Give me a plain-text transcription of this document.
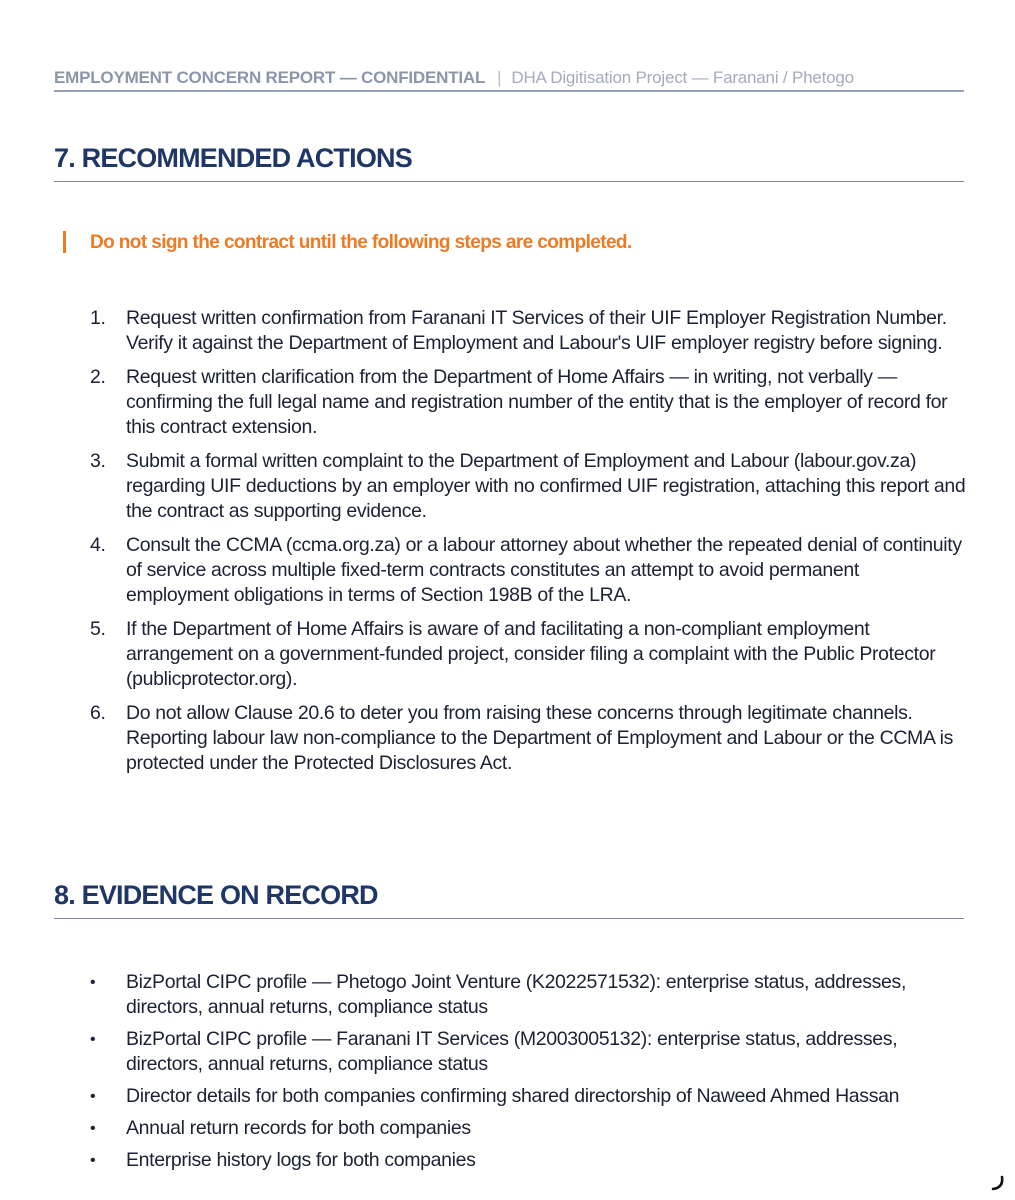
EMPLOYMENT CONCERN REPORT — CONFIDENTIAL | DHA Digitisation Project — Faranani / Phetogo
7. RECOMMENDED ACTIONS
Do not sign the contract until the following steps are completed.
1. Request written confirmation from Faranani IT Services of their UIF Employer Registration Number. Verify it against the Department of Employment and Labour's UIF employer registry before signing.
2. Request written clarification from the Department of Home Affairs — in writing, not verbally — confirming the full legal name and registration number of the entity that is the employer of record for this contract extension.
3. Submit a formal written complaint to the Department of Employment and Labour (labour.gov.za) regarding UIF deductions by an employer with no confirmed UIF registration, attaching this report and the contract as supporting evidence.
4. Consult the CCMA (ccma.org.za) or a labour attorney about whether the repeated denial of continuity of service across multiple fixed-term contracts constitutes an attempt to avoid permanent employment obligations in terms of Section 198B of the LRA.
5. If the Department of Home Affairs is aware of and facilitating a non-compliant employment arrangement on a government-funded project, consider filing a complaint with the Public Protector (publicprotector.org).
6. Do not allow Clause 20.6 to deter you from raising these concerns through legitimate channels. Reporting labour law non-compliance to the Department of Employment and Labour or the CCMA is protected under the Protected Disclosures Act.
8. EVIDENCE ON RECORD
• BizPortal CIPC profile — Phetogo Joint Venture (K2022571532): enterprise status, addresses, directors, annual returns, compliance status
• BizPortal CIPC profile — Faranani IT Services (M2003005132): enterprise status, addresses, directors, annual returns, compliance status
• Director details for both companies confirming shared directorship of Naweed Ahmed Hassan
• Annual return records for both companies
• Enterprise history logs for both companies
